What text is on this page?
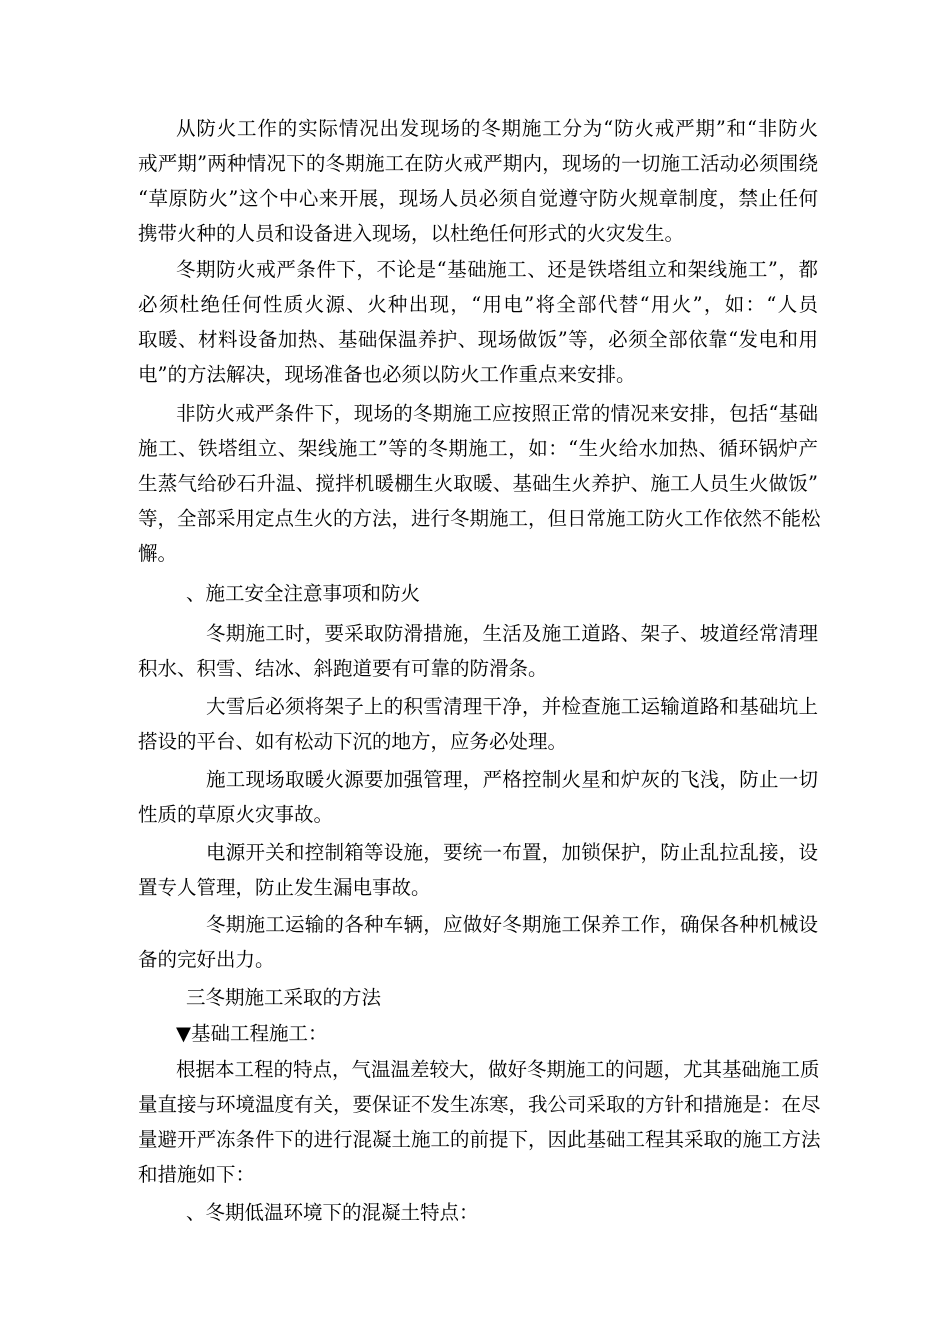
从防火工作的实际情况出发现场的冬期施工分为“防火戒严期”和“非防火
戒严期”两种情况下的冬期施工在防火戒严期内，现场的一切施工活动必须围绕
“草原防火”这个中心来开展，现场人员必须自觉遵守防火规章制度，禁止任何
携带火种的人员和设备进入现场，以杜绝任何形式的火灾发生。
冬期防火戒严条件下，不论是“基础施工、还是铁塔组立和架线施工”，都
必须杜绝任何性质火源、火种出现，“用电”将全部代替“用火”，如：“人员
取暖、材料设备加热、基础保温养护、现场做饭”等，必须全部依靠“发电和用
电”的方法解决，现场准备也必须以防火工作重点来安排。
非防火戒严条件下，现场的冬期施工应按照正常的情况来安排，包括“基础
施工、铁塔组立、架线施工”等的冬期施工，如：“生火给水加热、循环锅炉产
生蒸气给砂石升温、搅拌机暖棚生火取暖、基础生火养护、施工人员生火做饭”
等，全部采用定点生火的方法，进行冬期施工，但日常施工防火工作依然不能松
懈。
、施工安全注意事项和防火
冬期施工时，要采取防滑措施，生活及施工道路、架子、坡道经常清理
积水、积雪、结冰、斜跑道要有可靠的防滑条。
大雪后必须将架子上的积雪清理干净，并检查施工运输道路和基础坑上
搭设的平台、如有松动下沉的地方，应务必处理。
施工现场取暖火源要加强管理，严格控制火星和炉灰的飞浅，防止一切
性质的草原火灾事故。
电源开关和控制箱等设施，要统一布置，加锁保护，防止乱拉乱接，设
置专人管理，防止发生漏电事故。
冬期施工运输的各种车辆，应做好冬期施工保养工作，确保各种机械设
备的完好出力。
三冬期施工采取的方法
▼基础工程施工：
根据本工程的特点，气温温差较大，做好冬期施工的问题，尤其基础施工质
量直接与环境温度有关，要保证不发生冻寒，我公司采取的方针和措施是：在尽
量避开严冻条件下的进行混凝土施工的前提下，因此基础工程其采取的施工方法
和措施如下：
、冬期低温环境下的混凝土特点：
